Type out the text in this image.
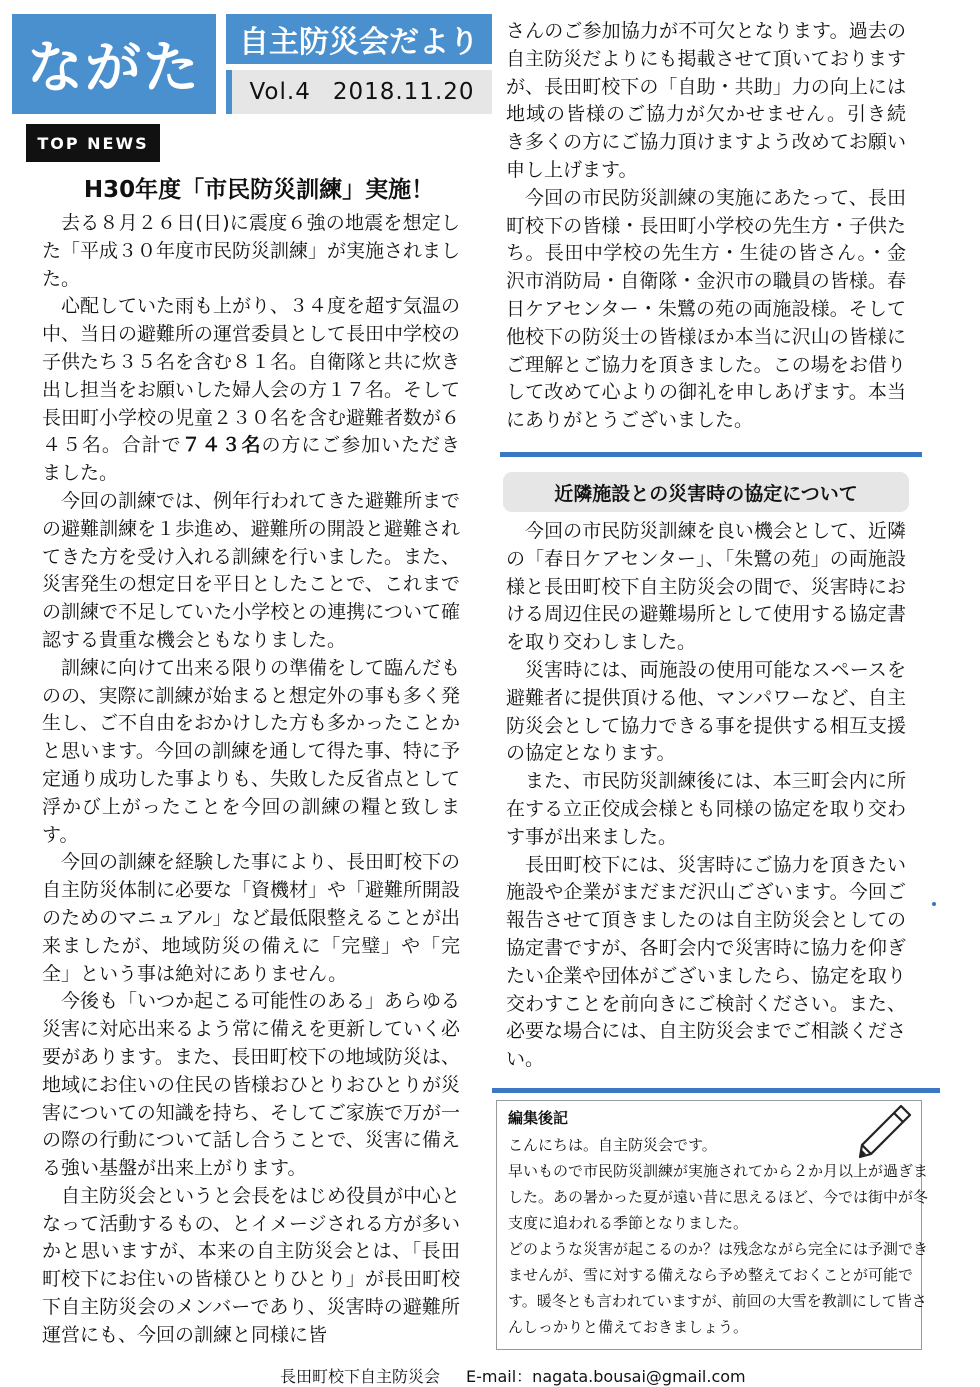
ながた	自主防災会だより
Vol.4 2018.11.20
TOP NEWS
H30年度「市民防災訓練」実施！

去る８月２６日(日)に震度６強の地震を想定した「平成３０年度市民防災訓練」が実施されました。

心配していた雨も上がり、３４度を超す気温の中、当日の避難所の運営委員として長田中学校の子供たち３５名を含む８１名。自衛隊と共に炊き出し担当をお願いした婦人会の方１７名。そして長田町小学校の児童２３０名を含む避難者数が６４５名。合計で７４３名の方にご参加いただきました。

今回の訓練では、例年行われてきた避難所までの避難訓練を１歩進め、避難所の開設と避難されてきた方を受け入れる訓練を行いました。また、災害発生の想定日を平日としたことで、これまでの訓練で不足していた小学校との連携について確認する貴重な機会ともなりました。

訓練に向けて出来る限りの準備をして臨んだものの、実際に訓練が始まると想定外の事も多く発生し、ご不自由をおかけした方も多かったことかと思います。今回の訓練を通して得た事、特に予定通り成功した事よりも、失敗した反省点として浮かび上がったことを今回の訓練の糧と致します。

今回の訓練を経験した事により、長田町校下の自主防災体制に必要な「資機材」や「避難所開設のためのマニュアル」など最低限整えることが出来ましたが、地域防災の備えに「完璧」や「完全」という事は絶対にありません。

今後も「いつか起こる可能性のある」あらゆる災害に対応出来るよう常に備えを更新していく必要があります。また、長田町校下の地域防災は、地域にお住いの住民の皆様おひとりおひとりが災害についての知識を持ち、そしてご家族で万が一の際の行動について話し合うことで、災害に備える強い基盤が出来上がります。

自主防災会というと会長をはじめ役員が中心となって活動するもの、とイメージされる方が多いかと思いますが、本来の自主防災会とは、「長田町校下にお住いの皆様ひとりひとり」が長田町校下自主防災会のメンバーであり、災害時の避難所運営にも、今回の訓練と同様に皆

さんのご参加協力が不可欠となります。過去の自主防災だよりにも掲載させて頂いておりますが、長田町校下の「自助・共助」力の向上には地域の皆様のご協力が欠かせません。引き続き多くの方にご協力頂けますよう改めてお願い申し上げます。

今回の市民防災訓練の実施にあたって、長田町校下の皆様・長田町小学校の先生方・子供たち。長田中学校の先生方・生徒の皆さん。・金沢市消防局・自衛隊・金沢市の職員の皆様。春日ケアセンター・朱鷺の苑の両施設様。そして他校下の防災士の皆様ほか本当に沢山の皆様にご理解とご協力を頂きました。この場をお借りして改めて心よりの御礼を申しあげます。本当にありがとうございました。

近隣施設との災害時の協定について

今回の市民防災訓練を良い機会として、近隣の「春日ケアセンター」、「朱鷺の苑」の両施設様と長田町校下自主防災会の間で、災害時における周辺住民の避難場所として使用する協定書を取り交わしました。

災害時には、両施設の使用可能なスペースを避難者に提供頂ける他、マンパワーなど、自主防災会として協力できる事を提供する相互支援の協定となります。

また、市民防災訓練後には、本三町会内に所在する立正佼成会様とも同様の協定を取り交わす事が出来ました。

長田町校下には、災害時にご協力を頂きたい施設や企業がまだまだ沢山ございます。今回ご報告させて頂きましたのは自主防災会としての協定書ですが、各町会内で災害時に協力を仰ぎたい企業や団体がございましたら、協定を取り交わすことを前向きにご検討ください。また、必要な場合には、自主防災会までご相談ください。

編集後記

こんにちは。自主防災会です。

早いもので市民防災訓練が実施されてから２か月以上が過ぎました。あの暑かった夏が遠い昔に思えるほど、今では街中が冬支度に追われる季節となりました。

どのような災害が起こるのか？は残念ながら完全には予測できませんが、雪に対する備えなら予め整えておくことが可能です。暖冬とも言われていますが、前回の大雪を教訓にして皆さんしっかりと備えておきましょう。

長田町校下自主防災会 E-mail：nagata.bousai@gmail.com
